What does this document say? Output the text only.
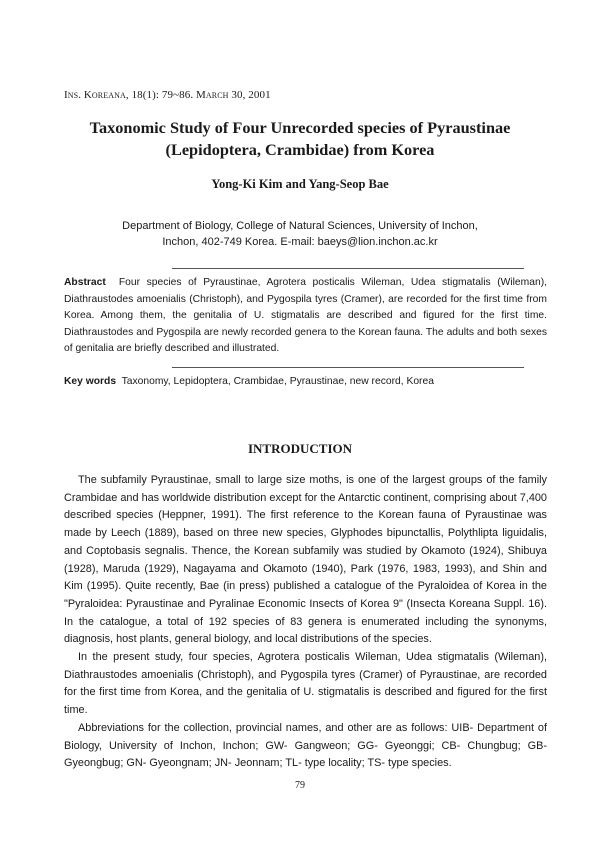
Ins. Koreana, 18(1): 79~86. March 30, 2001
Taxonomic Study of Four Unrecorded species of Pyraustinae
(Lepidoptera, Crambidae) from Korea
Yong-Ki Kim and Yang-Seop Bae
Department of Biology, College of Natural Sciences, University of Inchon,
Inchon, 402-749 Korea. E-mail: baeys@lion.inchon.ac.kr
Abstract Four species of Pyraustinae, Agrotera posticalis Wileman, Udea stigmatalis (Wileman), Diathraustodes amoenialis (Christoph), and Pygospila tyres (Cramer), are recorded for the first time from Korea. Among them, the genitalia of U. stigmatalis are described and figured for the first time. Diathraustodes and Pygospila are newly recorded genera to the Korean fauna. The adults and both sexes of genitalia are briefly described and illustrated.
Key words Taxonomy, Lepidoptera, Crambidae, Pyraustinae, new record, Korea
INTRODUCTION

The subfamily Pyraustinae, small to large size moths, is one of the largest groups of the family Crambidae and has worldwide distribution except for the Antarctic continent, comprising about 7,400 described species (Heppner, 1991). The first reference to the Korean fauna of Pyraustinae was made by Leech (1889), based on three new species, Glyphodes bipunctallis, Polythlipta liguidalis, and Coptobasis segnalis. Thence, the Korean subfamily was studied by Okamoto (1924), Shibuya (1928), Maruda (1929), Nagayama and Okamoto (1940), Park (1976, 1983, 1993), and Shin and Kim (1995). Quite recently, Bae (in press) published a catalogue of the Pyraloidea of Korea in the "Pyraloidea: Pyraustinae and Pyralinae Economic Insects of Korea 9" (Insecta Koreana Suppl. 16). In the catalogue, a total of 192 species of 83 genera is enumerated including the synonyms, diagnosis, host plants, general biology, and local distributions of the species.

In the present study, four species, Agrotera posticalis Wileman, Udea stigmatalis (Wileman), Diathraustodes amoenialis (Christoph), and Pygospila tyres (Cramer) of Pyraustinae, are recorded for the first time from Korea, and the genitalia of U. stigmatalis is described and figured for the first time.

Abbreviations for the collection, provincial names, and other are as follows: UIB- Department of Biology, University of Inchon, Inchon; GW- Gangweon; GG- Gyeonggi; CB- Chungbug; GB- Gyeongbug; GN- Gyeongnam; JN- Jeonnam; TL- type locality; TS- type species.

79
